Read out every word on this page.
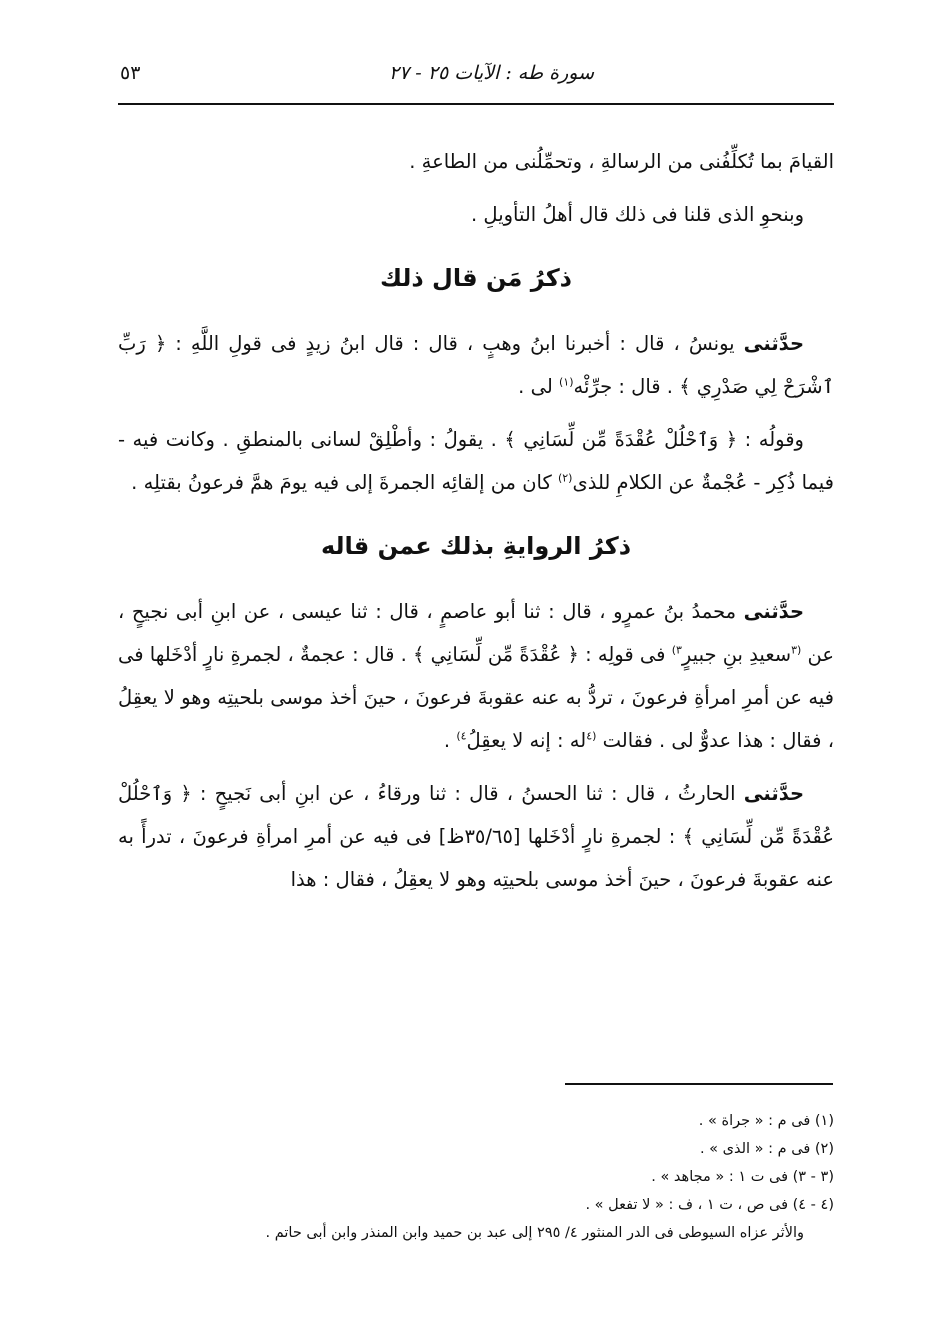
سورة طه : الآيات ٢٥ - ٢٧
٥٣

القيامَ بما تُكلِّفُنى من الرسالةِ ، وتحمِّلُنى من الطاعةِ .

وبنحوِ الذى قلنا فى ذلك قال أهلُ التأويلِ .

ذكرُ مَن قال ذلك

حدَّثنى يونسُ ، قال : أخبرنا ابنُ وهبٍ ، قال : قال ابنُ زيدٍ فى قولِ اللَّهِ : ﴿ رَبِّ ٱشْرَحْ لِي صَدْرِي ﴾ . قال : جرِّئْه$^{(١)}$ لى .

وقولُه : ﴿ وَٱحْلُلْ عُقْدَةً مِّن لِّسَانِي ﴾ . يقولُ : وأطْلِقْ لسانى بالمنطقِ . وكانت فيه - فيما ذُكِر - عُجْمةٌ عن الكلامِ للذى$^{(٢)}$ كان من إلقائِه الجمرةَ إلى فيه يومَ همَّ فرعونُ بقتلِه .

ذكرُ الروايةِ بذلك عمن قاله

حدَّثنى محمدُ بنُ عمرٍو ، قال : ثنا أبو عاصمٍ ، قال : ثنا عيسى ، عن ابنِ أبى نجيحٍ ، عن $^{(٣}$سعيدِ بنِ جبيرٍ$^{٣)}$ فى قولِه : ﴿ عُقْدَةً مِّن لِّسَانِي ﴾ . قال : عجمةٌ ، لجمرةِ نارٍ أدْخَلها فى فيه عن أمرِ امرأةِ فرعونَ ، تردُّ به عنه عقوبةَ فرعونَ ، حينَ أخذ موسى بلحيتِه وهو لا يعقِلُ ، فقال : هذا عدوٌّ لى . فقالت $^{(٤}$له : إنه لا يعقِلُ$^{٤)}$ .

حدَّثنى الحارثُ ، قال : ثنا الحسنُ ، قال : ثنا ورقاءُ ، عن ابنِ أبى نَجيحٍ : ﴿ وَٱحْلُلْ عُقْدَةً مِّن لِّسَانِي ﴾ : لجمرةِ نارٍ أدْخَلها [٣٥/٦٥ظ] فى فيه عن أمرِ امرأةِ فرعونَ ، تدرأً به عنه عقوبةَ فرعونَ ، حينَ أخذ موسى بلحيتِه وهو لا يعقِلُ ، فقال : هذا

(١) فى م : « جراة » .

(٢) فى م : « الذى » .

(٣ - ٣) فى ت ١ : « مجاهد » .

(٤ - ٤) فى ص ، ت ١ ، ف : « لا تفعل » .

والأثر عزاه السيوطى فى الدر المنثور ٤/ ٢٩٥ إلى عبد بن حميد وابن المنذر وابن أبى حاتم .
